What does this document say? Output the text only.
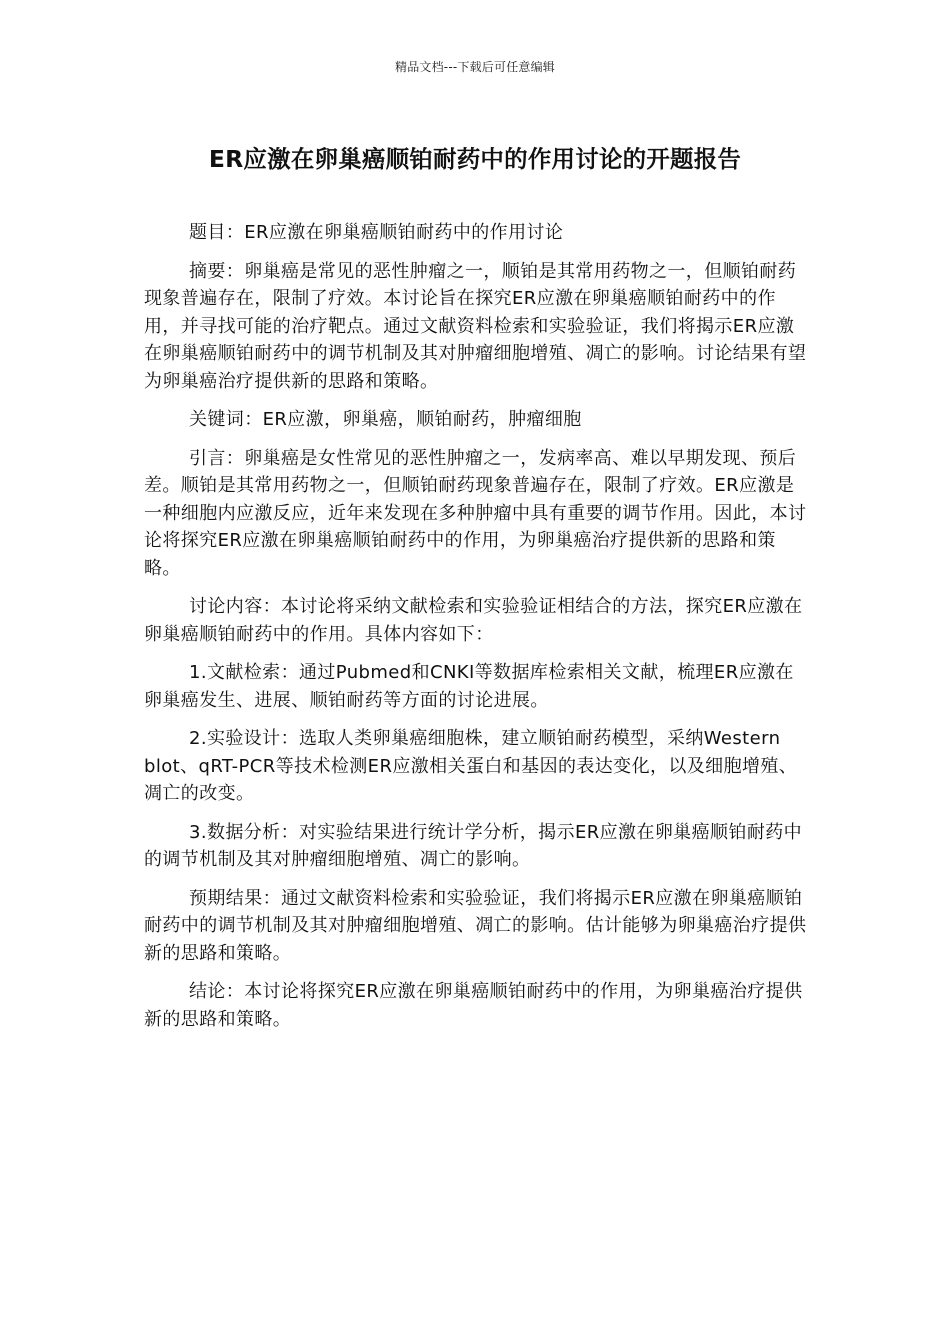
精品文档---下载后可任意编辑
ER应激在卵巢癌顺铂耐药中的作用讨论的开题报告

题目：ER应激在卵巢癌顺铂耐药中的作用讨论

摘要：卵巢癌是常见的恶性肿瘤之一，顺铂是其常用药物之一，但顺铂耐药现象普遍存在，限制了疗效。本讨论旨在探究ER应激在卵巢癌顺铂耐药中的作用，并寻找可能的治疗靶点。通过文献资料检索和实验验证，我们将揭示ER应激在卵巢癌顺铂耐药中的调节机制及其对肿瘤细胞增殖、凋亡的影响。讨论结果有望为卵巢癌治疗提供新的思路和策略。

关键词：ER应激，卵巢癌，顺铂耐药，肿瘤细胞

引言：卵巢癌是女性常见的恶性肿瘤之一，发病率高、难以早期发现、预后差。顺铂是其常用药物之一，但顺铂耐药现象普遍存在，限制了疗效。ER应激是一种细胞内应激反应，近年来发现在多种肿瘤中具有重要的调节作用。因此，本讨论将探究ER应激在卵巢癌顺铂耐药中的作用，为卵巢癌治疗提供新的思路和策略。

讨论内容：本讨论将采纳文献检索和实验验证相结合的方法，探究ER应激在卵巢癌顺铂耐药中的作用。具体内容如下：

1.文献检索：通过Pubmed和CNKI等数据库检索相关文献，梳理ER应激在卵巢癌发生、进展、顺铂耐药等方面的讨论进展。

2.实验设计：选取人类卵巢癌细胞株，建立顺铂耐药模型，采纳Western blot、qRT-PCR等技术检测ER应激相关蛋白和基因的表达变化，以及细胞增殖、凋亡的改变。

3.数据分析：对实验结果进行统计学分析，揭示ER应激在卵巢癌顺铂耐药中的调节机制及其对肿瘤细胞增殖、凋亡的影响。

预期结果：通过文献资料检索和实验验证，我们将揭示ER应激在卵巢癌顺铂耐药中的调节机制及其对肿瘤细胞增殖、凋亡的影响。估计能够为卵巢癌治疗提供新的思路和策略。

结论：本讨论将探究ER应激在卵巢癌顺铂耐药中的作用，为卵巢癌治疗提供新的思路和策略。
